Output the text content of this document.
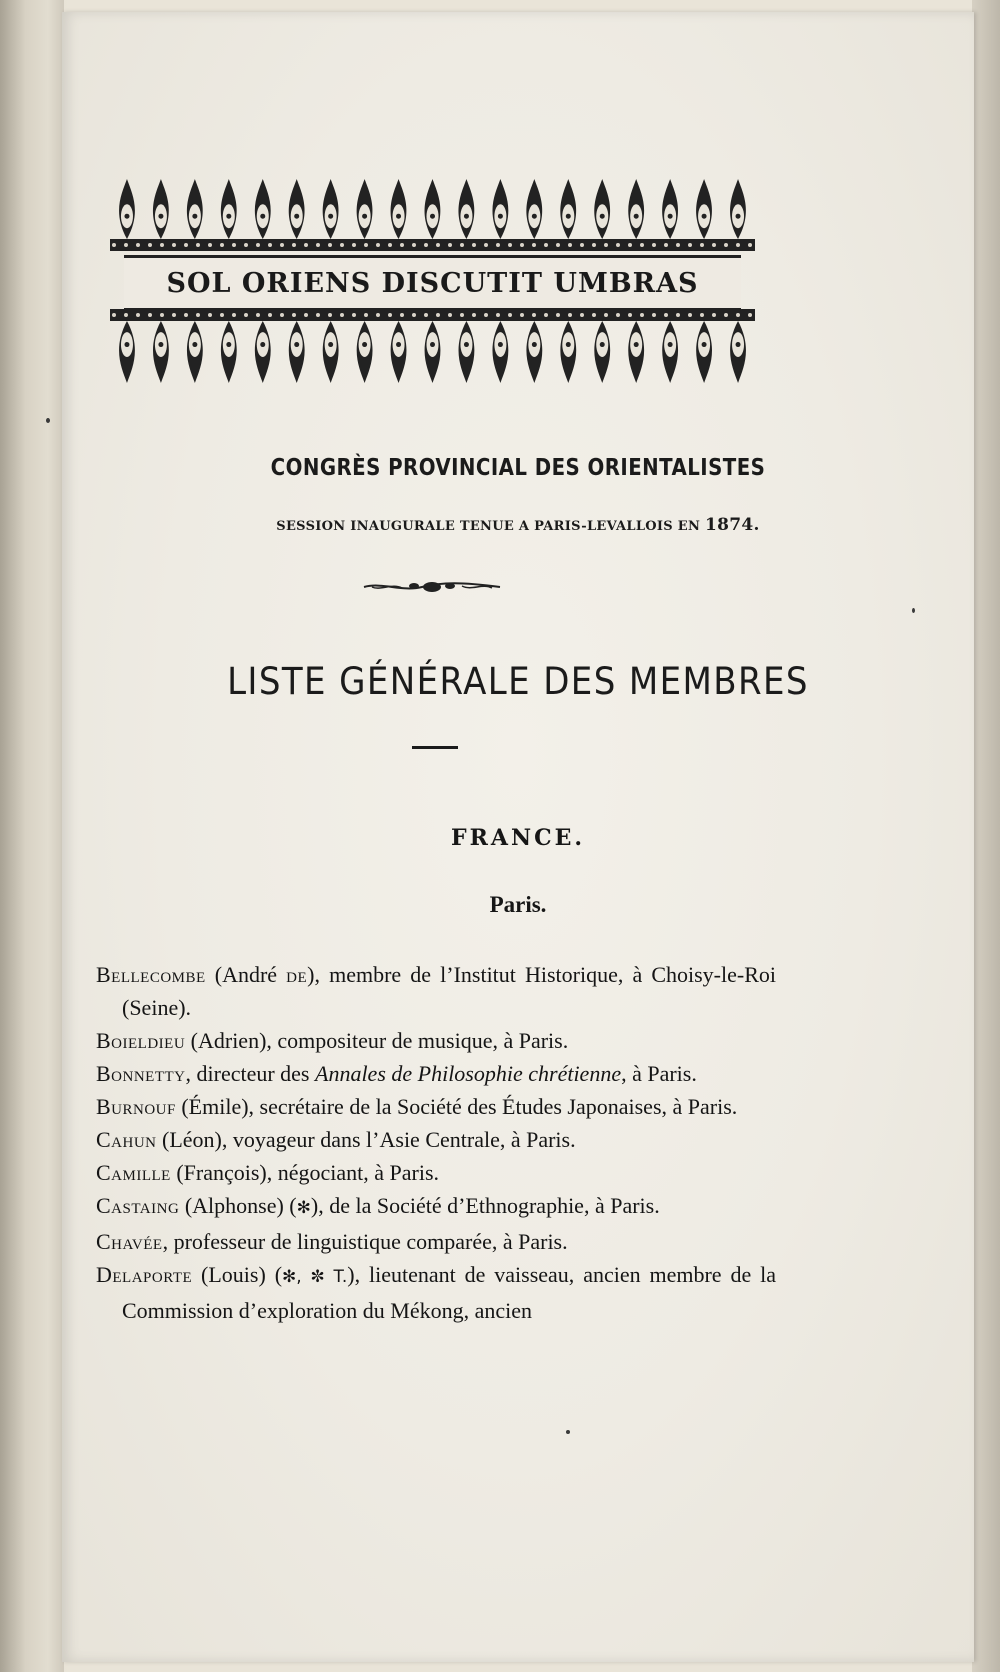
SOL ORIENS DISCUTIT UMBRAS
CONGRÈS PROVINCIAL DES ORIENTALISTES
SESSION INAUGURALE TENUE A PARIS-LEVALLOIS EN 1874.
LISTE GÉNÉRALE DES MEMBRES
FRANCE.
Paris.
Bellecombe (André de), membre de l’Institut Historique, à Choisy-le-Roi (Seine).
Boieldieu (Adrien), compositeur de musique, à Paris.
Bonnetty, directeur des Annales de Philosophie chrétienne, à Paris.
Burnouf (Émile), secrétaire de la Société des Études Japonaises, à Paris.
Cahun (Léon), voyageur dans l’Asie Centrale, à Paris.
Camille (François), négociant, à Paris.
Castaing (Alphonse) (✻), de la Société d’Ethnographie, à Paris.
Chavée, professeur de linguistique comparée, à Paris.
Delaporte (Louis) (✻, ✼ T.), lieutenant de vaisseau, ancien membre de la Commission d’exploration du Mékong, ancien
